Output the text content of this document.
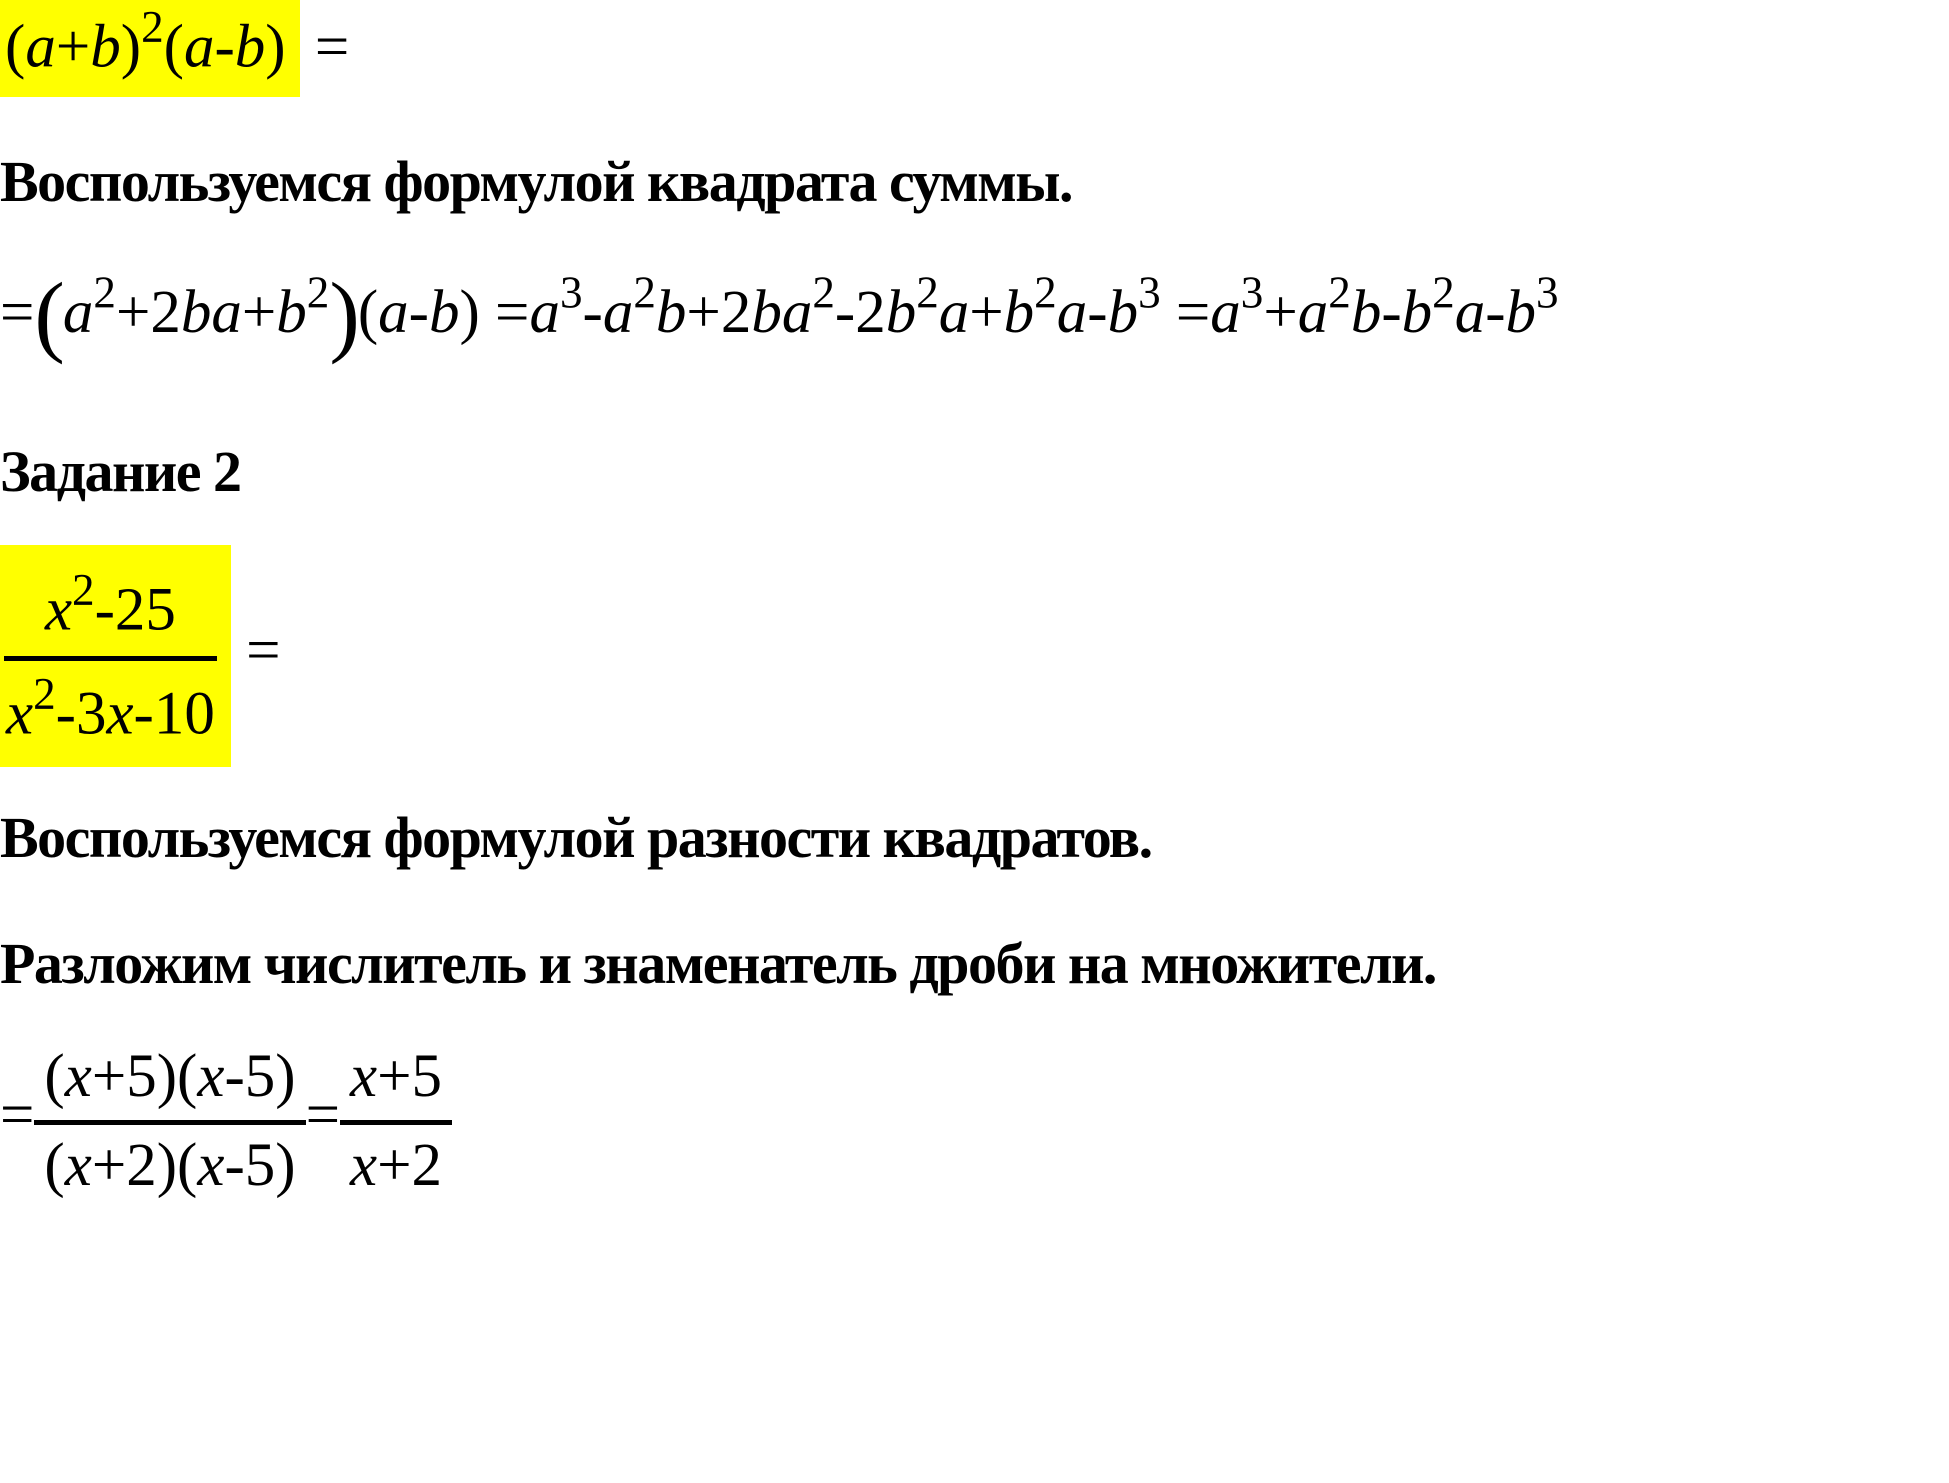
$(a+b)^2(a-b)$ =
Воспользуемся формулой квадрата суммы.
$=(a^2+2ba+b^2)(a-b) =a^3-a^2b+2ba^2-2b^2a+b^2a-b^3 =a^3+a^2b-b^2a-b^3$
Задание 2
$\frac{x^2-25}{x^2-3x-10}$ =
Воспользуемся формулой разности квадратов.
Разложим числитель и знаменатель дроби на множители.
= $\frac{(x+5)(x-5)}{(x+2)(x-5)} = \frac{x+5}{x+2}$
